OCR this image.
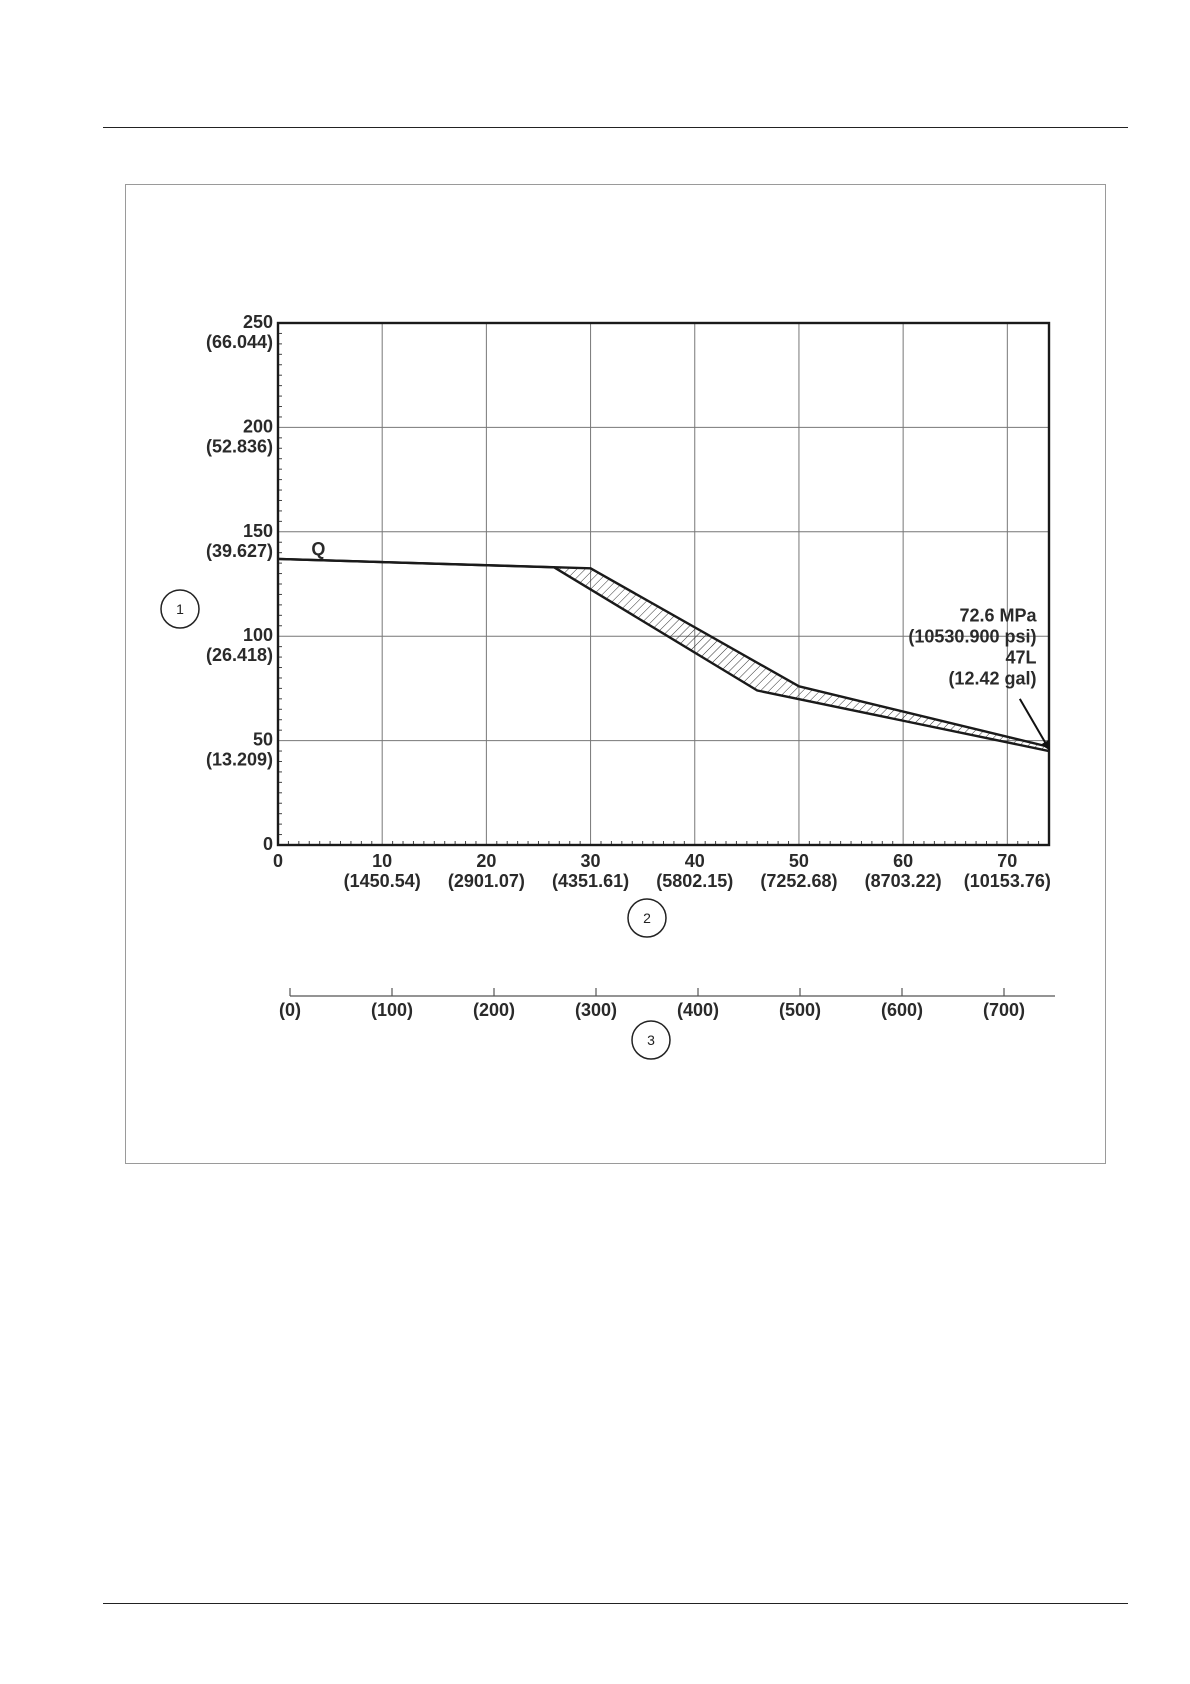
Q
0	10
(1450.54)
20
(2901.07)
30
(4351.61)
40
(5802.15)
50
(7252.68)
60
(8703.22)
70
(10153.76)
0
50
(13.209)
100
(26.418)
150
(39.627)
200
(52.836)
250
(66.044)
72.6 MPa
(10530.900 psi)
47L
(12.42 gal)
(0)	(100)	(200)	(300)	(400)	(500)	(600)	(700)
1
2
3
